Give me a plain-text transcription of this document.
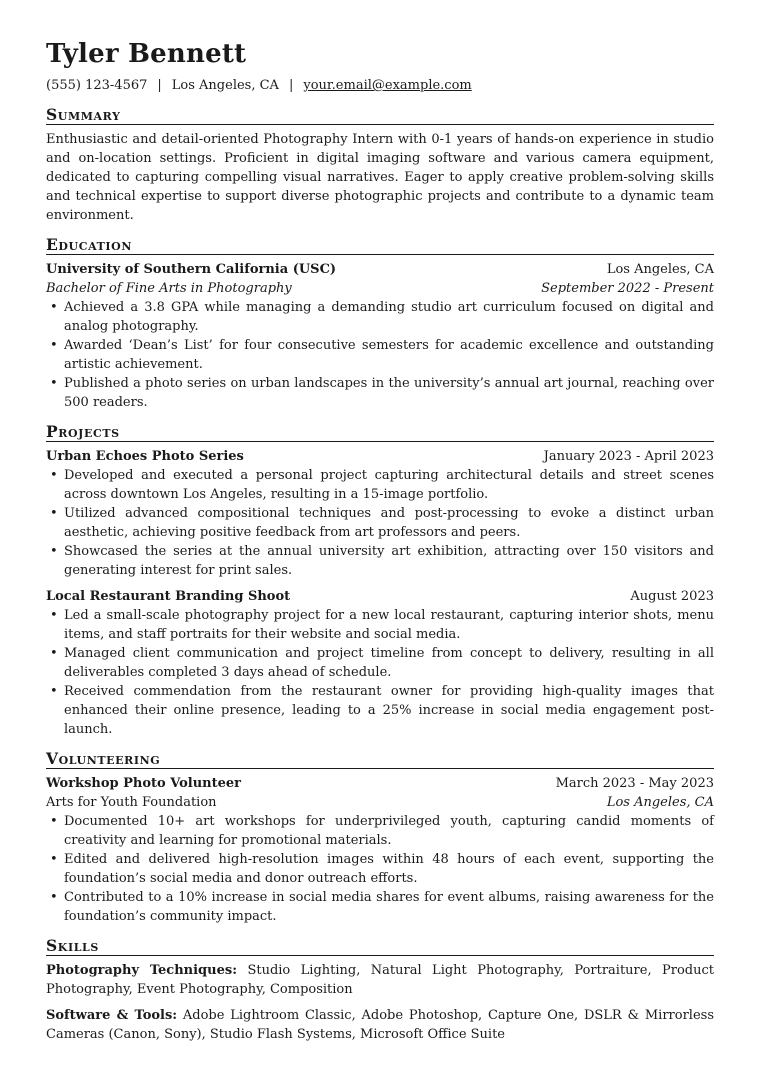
Tyler Bennett
(555) 123-4567 | Los Angeles, CA | your.email@example.com
Summary

Enthusiastic and detail-oriented Photography Intern with 0-1 years of hands-on experience in studio and on-location settings. Proficient in digital imaging software and various camera equipment, dedicated to capturing compelling visual narratives. Eager to apply creative problem-solving skills and technical expertise to support diverse photographic projects and contribute to a dynamic team environment.

Education
University of Southern California (USC)	Los Angeles, CA
Bachelor of Fine Arts in Photography	September 2022 - Present
• Achieved a 3.8 GPA while managing a demanding studio art curriculum focused on digital and analog photography.
• Awarded ‘Dean’s List’ for four consecutive semesters for academic excellence and outstanding artistic achievement.
• Published a photo series on urban landscapes in the university’s annual art journal, reaching over 500 readers.
Projects
Urban Echoes Photo Series	January 2023 - April 2023
• Developed and executed a personal project capturing architectural details and street scenes across downtown Los Angeles, resulting in a 15-image portfolio.
• Utilized advanced compositional techniques and post-processing to evoke a distinct urban aesthetic, achieving positive feedback from art professors and peers.
• Showcased the series at the annual university art exhibition, attracting over 150 visitors and generating interest for print sales.
Local Restaurant Branding Shoot	August 2023
• Led a small-scale photography project for a new local restaurant, capturing interior shots, menu items, and staff portraits for their website and social media.
• Managed client communication and project timeline from concept to delivery, resulting in all deliverables completed 3 days ahead of schedule.
• Received commendation from the restaurant owner for providing high-quality images that enhanced their online presence, leading to a 25% increase in social media engagement post-launch.
Volunteering
Workshop Photo Volunteer	March 2023 - May 2023
Arts for Youth Foundation	Los Angeles, CA
• Documented 10+ art workshops for underprivileged youth, capturing candid moments of creativity and learning for promotional materials.
• Edited and delivered high-resolution images within 48 hours of each event, supporting the foundation’s social media and donor outreach efforts.
• Contributed to a 10% increase in social media shares for event albums, raising awareness for the foundation’s community impact.
Skills

Photography Techniques: Studio Lighting, Natural Light Photography, Portraiture, Product Photography, Event Photography, Composition

Software & Tools: Adobe Lightroom Classic, Adobe Photoshop, Capture One, DSLR & Mirrorless Cameras (Canon, Sony), Studio Flash Systems, Microsoft Office Suite
